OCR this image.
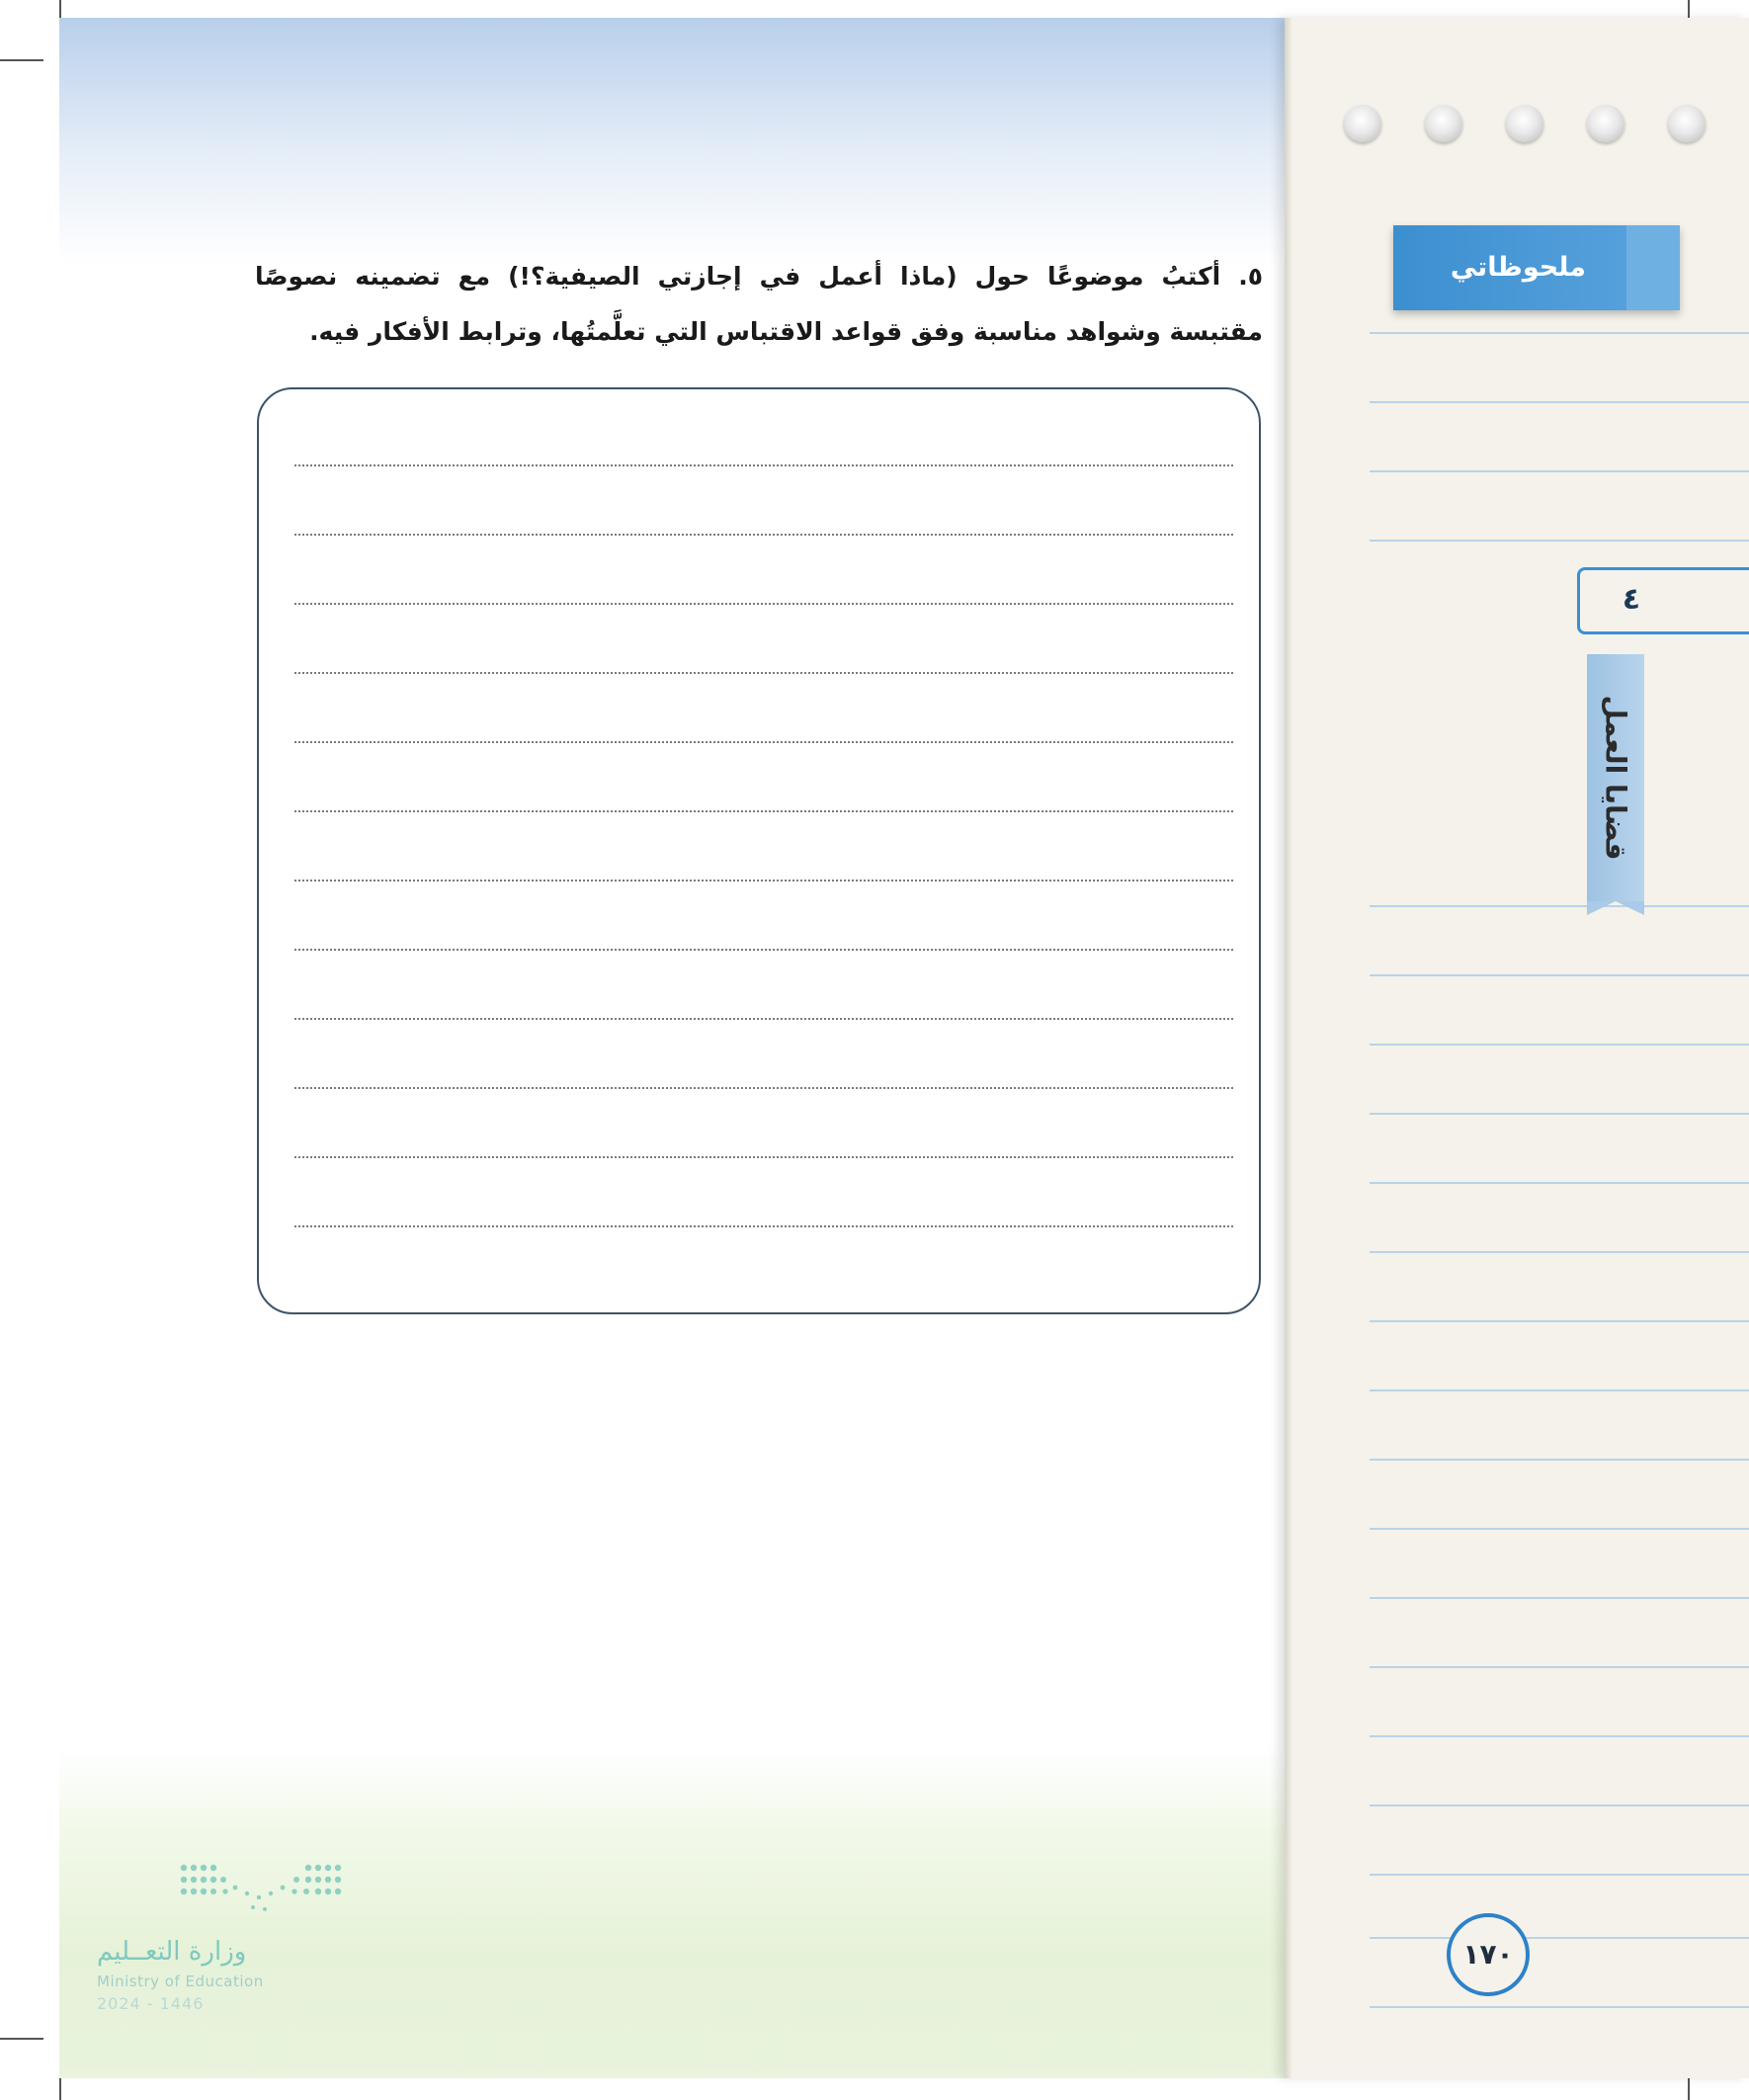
٥. أكتبُ موضوعًا حول (ماذا أعمل في إجازتي الصيفية؟!) مع تضمينه نصوصًا مقتبسة وشواهد مناسبة وفق قواعد الاقتباس التي تعلَّمتُها، وترابط الأفكار فيه.

وزارة التعــليم
Ministry of Education
2024 - 1446
ملحوظاتي
٤
قضايا العمل
١٧٠
